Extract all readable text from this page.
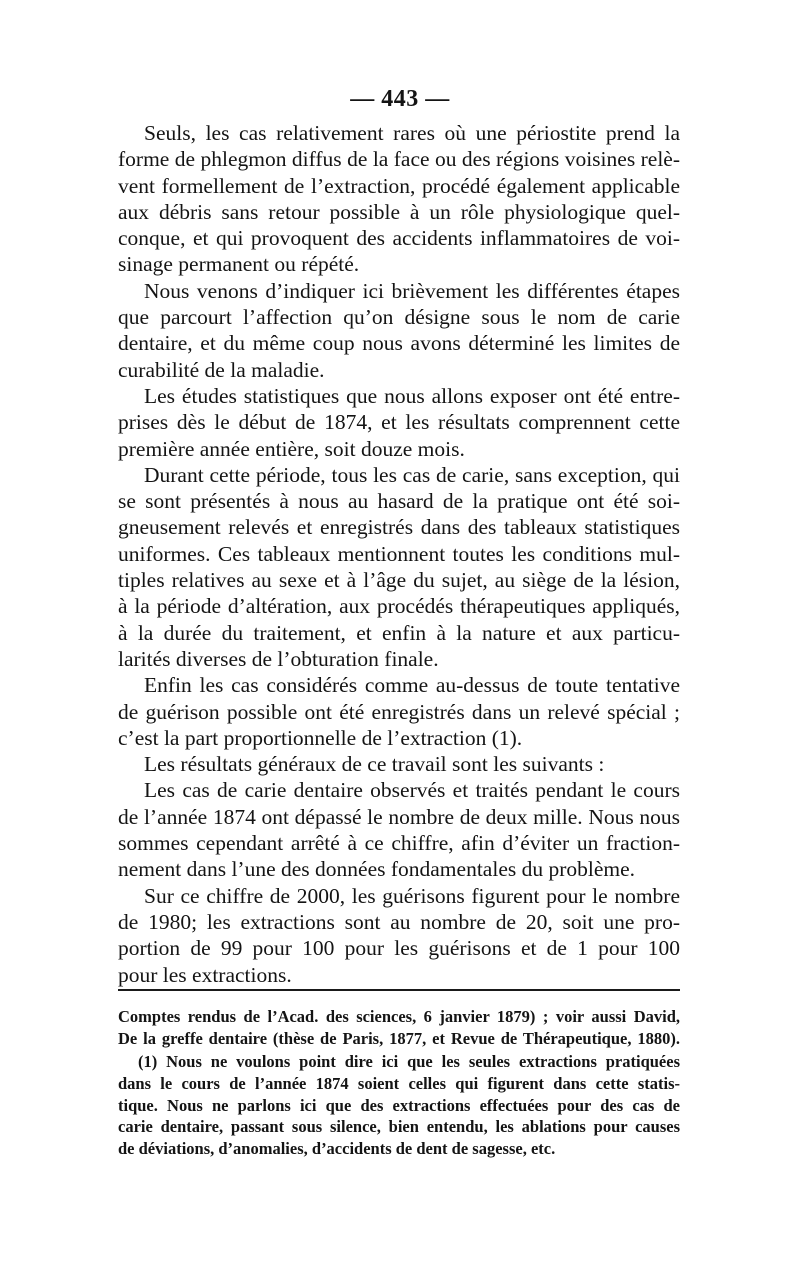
— 443 —
Seuls, les cas relativement rares où une périostite prend la
forme de phlegmon diffus de la face ou des régions voisines relè-
vent formellement de l’extraction, procédé également applicable
aux débris sans retour possible à un rôle physiologique quel-
conque, et qui provoquent des accidents inflammatoires de voi-
sinage permanent ou répété.
Nous venons d’indiquer ici brièvement les différentes étapes
que parcourt l’affection qu’on désigne sous le nom de carie
dentaire, et du même coup nous avons déterminé les limites de
curabilité de la maladie.
Les études statistiques que nous allons exposer ont été entre-
prises dès le début de 1874, et les résultats comprennent cette
première année entière, soit douze mois.
Durant cette période, tous les cas de carie, sans exception, qui
se sont présentés à nous au hasard de la pratique ont été soi-
gneusement relevés et enregistrés dans des tableaux statistiques
uniformes. Ces tableaux mentionnent toutes les conditions mul-
tiples relatives au sexe et à l’âge du sujet, au siège de la lésion,
à la période d’altération, aux procédés thérapeutiques appliqués,
à la durée du traitement, et enfin à la nature et aux particu-
larités diverses de l’obturation finale.
Enfin les cas considérés comme au-dessus de toute tentative
de guérison possible ont été enregistrés dans un relevé spécial ;
c’est la part proportionnelle de l’extraction (1).
Les résultats généraux de ce travail sont les suivants :
Les cas de carie dentaire observés et traités pendant le cours
de l’année 1874 ont dépassé le nombre de deux mille. Nous nous
sommes cependant arrêté à ce chiffre, afin d’éviter un fraction-
nement dans l’une des données fondamentales du problème.
Sur ce chiffre de 2000, les guérisons figurent pour le nombre
de 1980; les extractions sont au nombre de 20, soit une pro-
portion de 99 pour 100 pour les guérisons et de 1 pour 100
pour les extractions.
Comptes rendus de l’Acad. des sciences, 6 janvier 1879) ; voir aussi David,
De la greffe dentaire (thèse de Paris, 1877, et Revue de Thérapeutique, 1880).
(1) Nous ne voulons point dire ici que les seules extractions pratiquées
dans le cours de l’année 1874 soient celles qui figurent dans cette statis-
tique. Nous ne parlons ici que des extractions effectuées pour des cas de
carie dentaire, passant sous silence, bien entendu, les ablations pour causes
de déviations, d’anomalies, d’accidents de dent de sagesse, etc.
